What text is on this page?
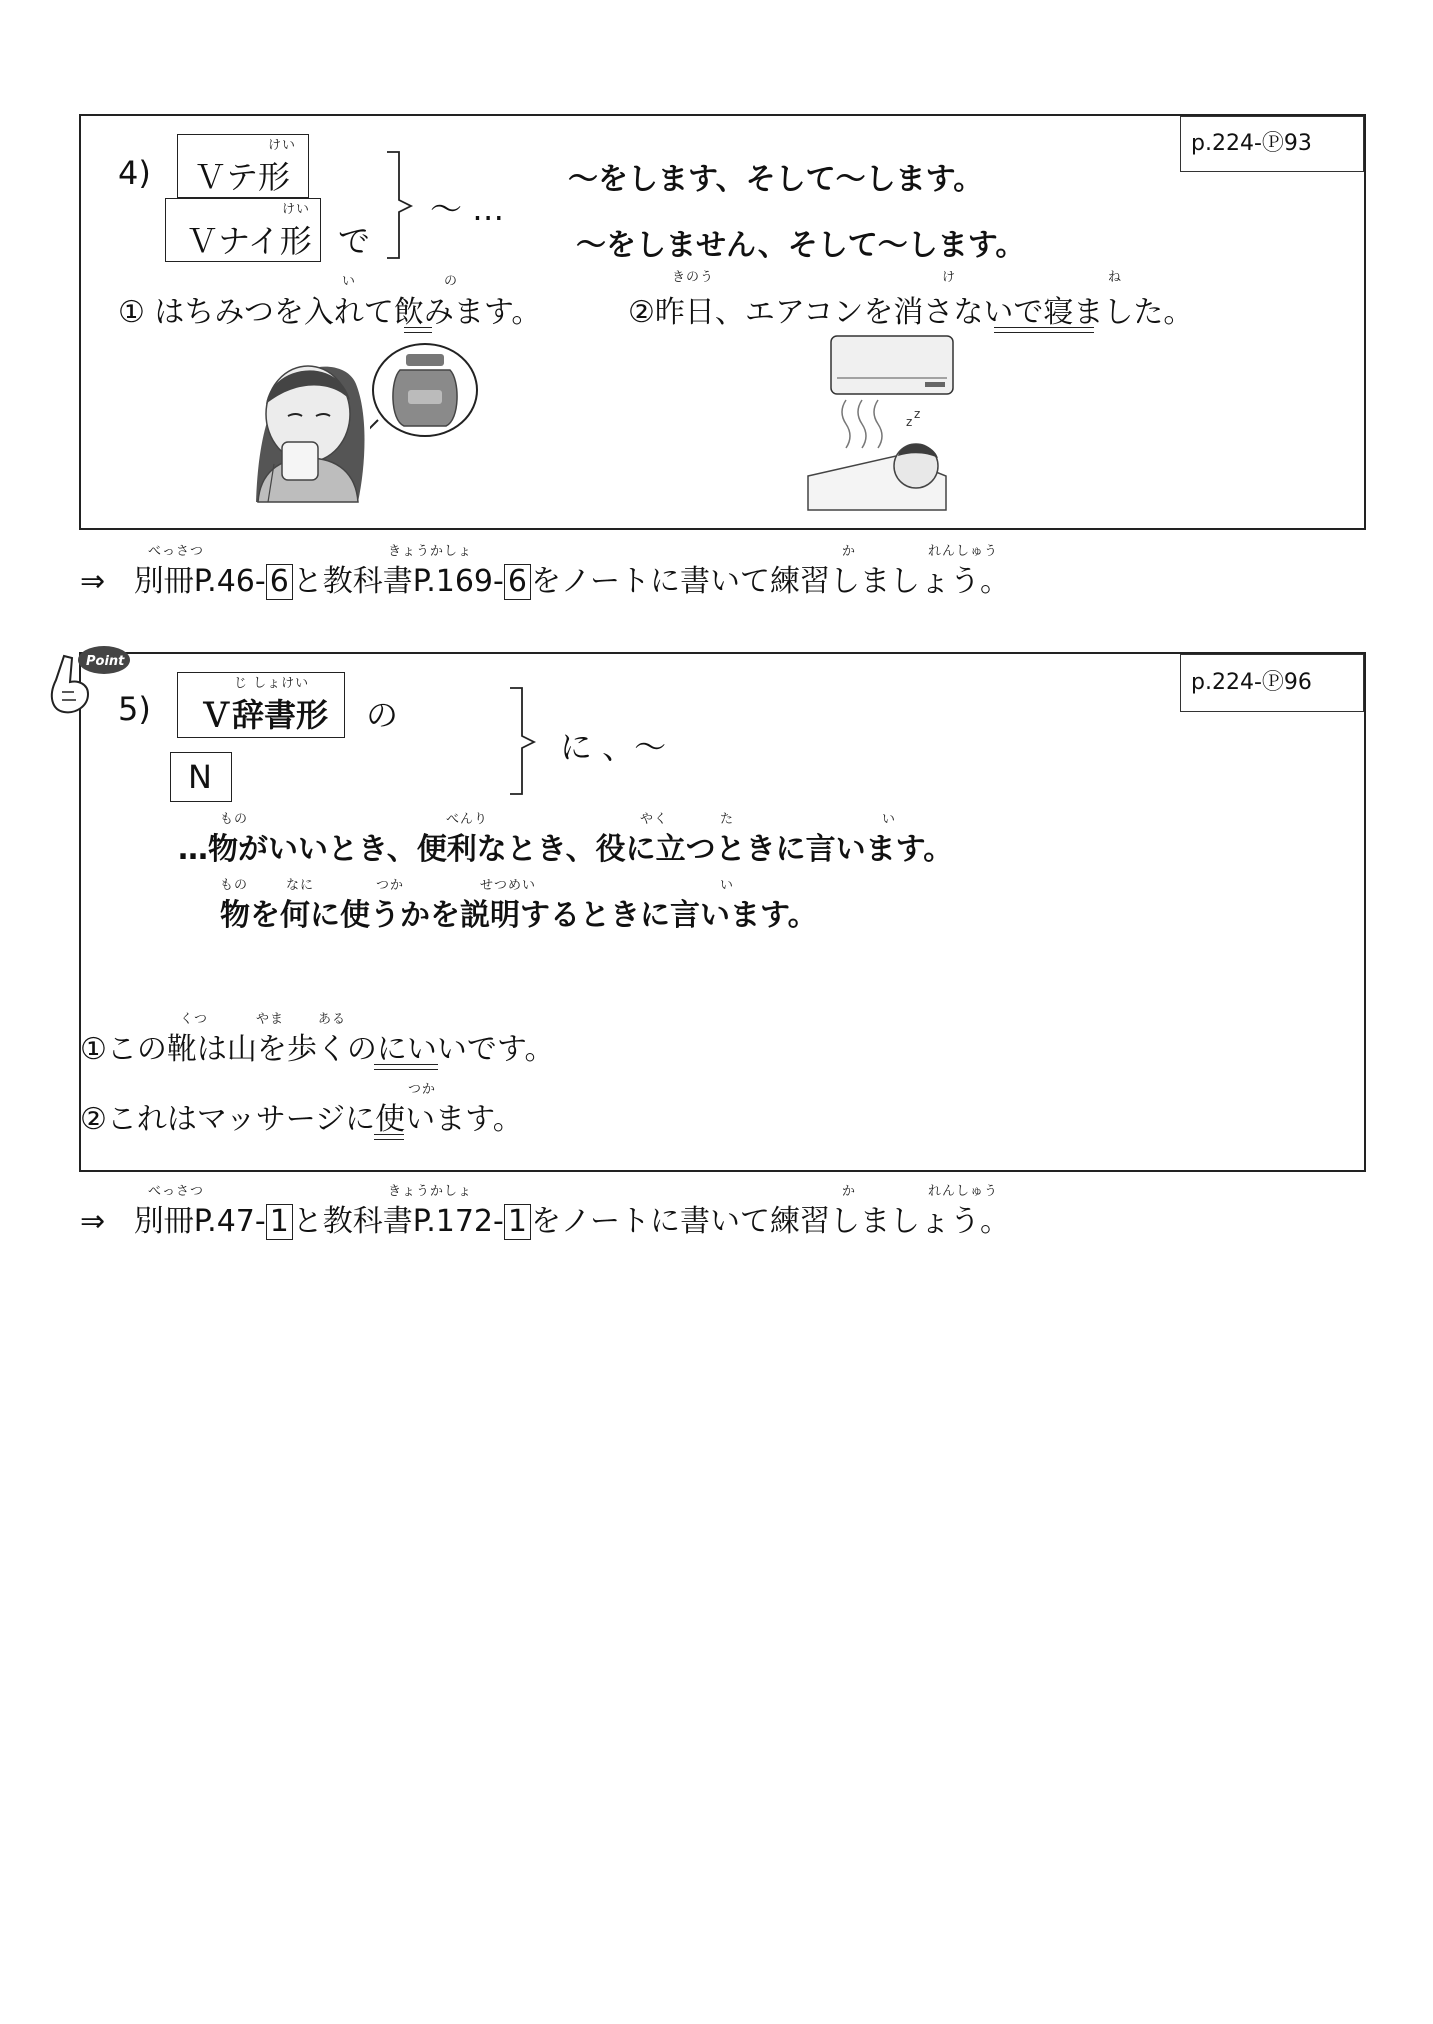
p.224-Ⓟ93
4)
けい
Ｖテ形
けい
Ｖナイ形 で
～ …
～をします、そして～します。
～をしません、そして～します。
い	の
① はちみつを入れて飲みます。
きのう	け	ね
②昨日、エアコンを消さないで寝ました。
z
z
べっさつ	きょうかしょ	か	れんしゅう
⇒ 別冊P.46- 6 と教科書P.169- 6 をノートに書いて練習しましょう。
Point
p.224-Ⓟ96
5)
じ しょけい
Ｖ辞書形 の
N
に 、～
もの	べんり	やく	た	い
…物がいいとき、便利なとき、役に立つときに言います。
もの	なに	つか	せつめい	い
物を何に使うかを説明するときに言います。
くつ	やま	ある
①この靴は山を歩くのにいいです。
つか
②これはマッサージに使います。
べっさつ	きょうかしょ	か	れんしゅう
⇒ 別冊P.47- 1 と教科書P.172- 1 をノートに書いて練習しましょう。
